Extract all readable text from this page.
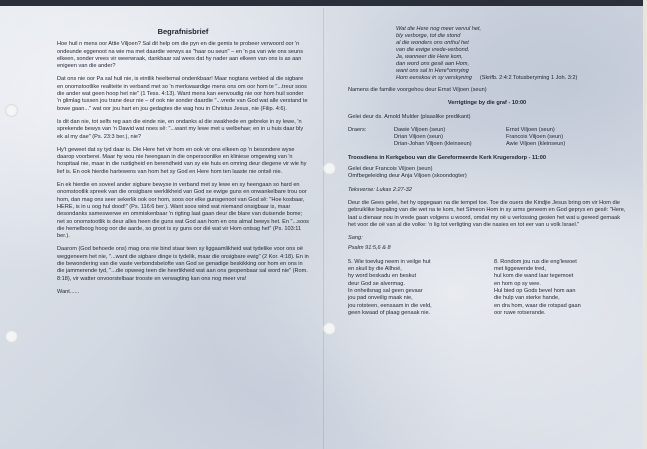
Begrafnisbrief

Hoe huil n mens oor Attie Viljoen? Sal dit help om die pyn en die gemis te probeer verwoord oor 'n ondeunde eggenoot na wie ma met daardie verwys as "haar ou seun" – en 'n pa van wie ons seuns elkeen, sonder vrees vir weerwraak, dankbaar sal wees dat hy nader aan elkeen van ons is as aan enigeen van die ander?

Dat ons nie oor Pa sal huil nie, is eintlik heeltemal ondenkbaar! Maar nogtans verbied al die sigbare en onomstootlike realiteite in verband met so 'n merkwaardige mens ons om oor hom te "...treur soos die ander wat geen hoop het nie" (1 Tess. 4:13). Want mens kan eenvoudig nie oor hom huil sonder 'n glimlag tussen jou trane deur nie – of ook nie sonder daardie "...vrede van God wat alle verstand te bowe gaan..." wat oor jou hart en jou gedagtes die wag hou in Christus Jesus, nie (Filip. 4:6).

Is dit dan nie, tot selfs reg aan die einde nie, en ondanks al die swakhede en gebreke in sy lewe, 'n sprekende bewys van 'n Dawid wat noes sê: "...want my lewe met u welbehae; en in u huis daar bly ek al my dae" (Ps. 23:3 ber.), nie?

Hy't geweet dat sy tyd daar is. Die Here het vir hom en ook vir ons elkeen op 'n besondere wyse daarop voorberei. Maar hy wou nie heengaan in die onpersoonlike en kliniese omgewing van 'n hospitaal nie, maar in die rustigheid en berendheid van sy eie huis en omring deur diegene vir wie hy lief is. En ook hierdie hartewens van hom het sy God en Here hom ten laaste nie ontsê nie.

En ek hierdie en soveel ander sigbare bewyse in verband met sy lewe en sy heengaan so hard en onomstootlik spreek van die onsigbare werklikheid van God se ewige guns en onwankelbare trou oor hom, dan mag ons seer sekerlik ook oor hom, soos oor elke gunsgenoot van God sê: "Hoe kosbaar, HERE, is in u oog hul dood!" (Ps. 116:6 ber.). Want soos wind wat niemand onsigbaar is, maar desondanks sameswerwe en ommiskenbaar 'n rigting laat gaan deur die blare van duisende bome; net so onomstootlik is deur alles heen die guns wat God aan hom en ons almal bewys het. En "...soos die hemelboog hoog oor die aarde, so groot is sy guns oor dié wat vir Hom ontsag het" (Ps. 103:11 ber.).

Daarom (God behoede ons) mag ons nie bind staar teen sy liggaamlikheid wat tydelike voor ons oë weggeneem het nie, "...want die sigbare dinge is tydelik, maar die onsigbare ewig" (2 Kor. 4:18). En in die bewondering van die vaste verbondsbelofte van God se genadige beskikking oor hom en ons in die jammerende tyd, "...die opweeg teen die heerlikheid wat aan ons geopenbaar sal word nie" (Rom. 8:18), vir watter onvoorstelbaar trooste en verwagting kan ons nog meer vra!

Want......

Wat die Here nog meer vervul het,
bly verborge, tot die stond
al die wonders ons onthul het
van die ewige vrede-verbond.
Ja, wanneer die Here kom,
dan word ons gesê aan Hom,
want ons sal in Here*omrying
Hom eenskou in sy verskyning (Skrifb. 2:4:2 Totusberyming 1 Joh. 3:2)

Namens die familie voorgehou deur Ernst Viljoen (seun)

Verrigtinge by die graf - 10:00

Gelei deur ds. Arnold Mulder (plaaslike predikant)

Draers:	Dawie Viljoen (seun)	Ernst Viljoen (seun)
Drian Viljoen (seun)	Francois Viljoen (seun)
Drian-Johan Viljoen (kleinseun)	Awie Viljoen (kleinseun)

Troosdiens in Kerkgebou van die Gereformeerde Kerk Krugersdorp - 11:00

Gelei deur Francois Viljoen (seun)

Omfbegeleiding deur Anja Viljoen (skoondogter)

Teksverse: Lukas 2:27-32

Deur die Gees gelei, het hy opgegaan na die tempel toe. Toe die ouers die Kindjie Jesus bring om vir Hom die gebruiklike bepaling van die wet na te kom, het Simeon Hom in sy arms geneem en God geprys en gesê: "Here, laat u dienaar nou in vrede gaan volgens u woord, omdat my oë u verlossing gesien het wat u gereed gemaak het voor die oë van al die volke: 'n lig tot verligting van die nasies en tot eer van u volk Israel."

Sang:

Psalm 91:5,6 & 8
5. Wie toevlug neem in veilge hut
en skuil by die Allhoë,
hy word beskadu en beskut
deur God se alvermag.
In onheilsnag sal geen gevaar
jou pad onveilig maak nie,
jou rotsteen, eensaam in die veld,
geen kwaad of plaag genaak nie.
8. Rondom jou rus die eng'lewoet
met liggewende tred,
hul kom die wand laar tegemoet
en hom op sy wee.
Hul bied op Gods bevel hom aan
die hulp van sterke hande,
en dra hom, waar die rotspad gaan
oor ruwe rotserande.
